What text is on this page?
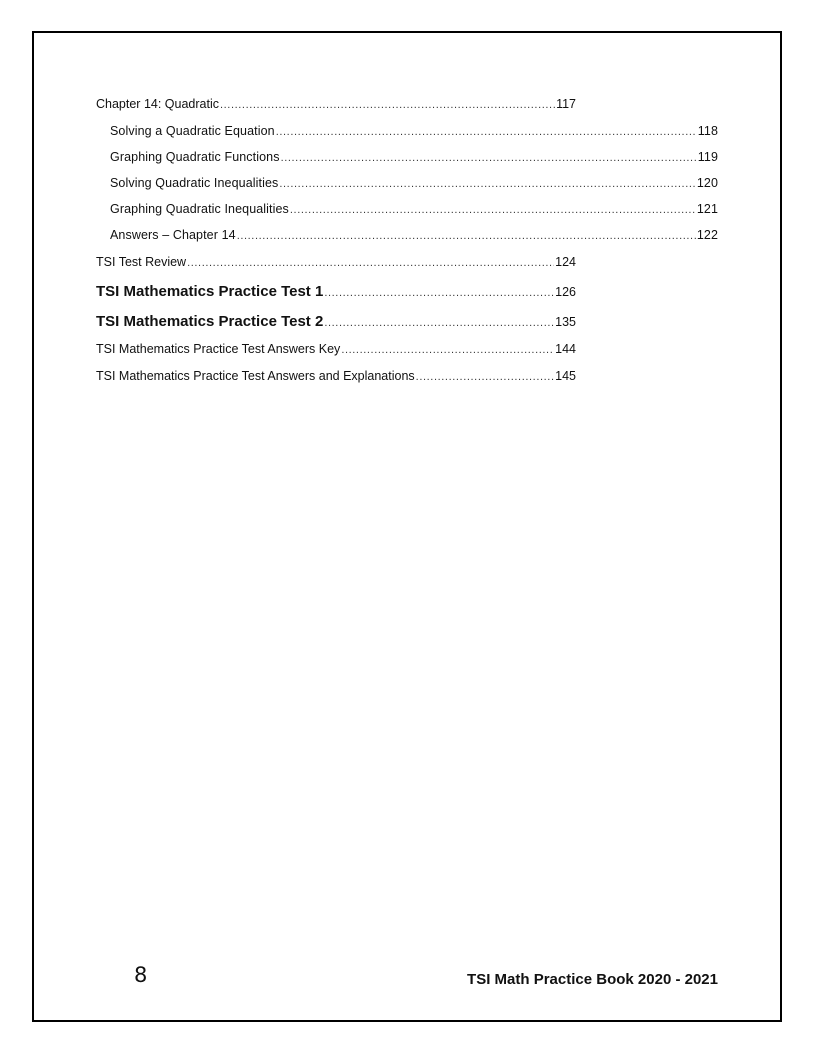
Chapter 14: Quadratic .....	117
Solving a Quadratic Equation .....	118
Graphing Quadratic Functions .....	119
Solving Quadratic Inequalities .....	120
Graphing Quadratic Inequalities .....	121
Answers – Chapter 14 .....	122
TSI Test Review .....	124
TSI Mathematics Practice Test 1 .....	126
TSI Mathematics Practice Test 2 .....	135
TSI Mathematics Practice Test Answers Key .....	144
TSI Mathematics Practice Test Answers and Explanations .....	145
8	TSI Math Practice Book 2020 - 2021
